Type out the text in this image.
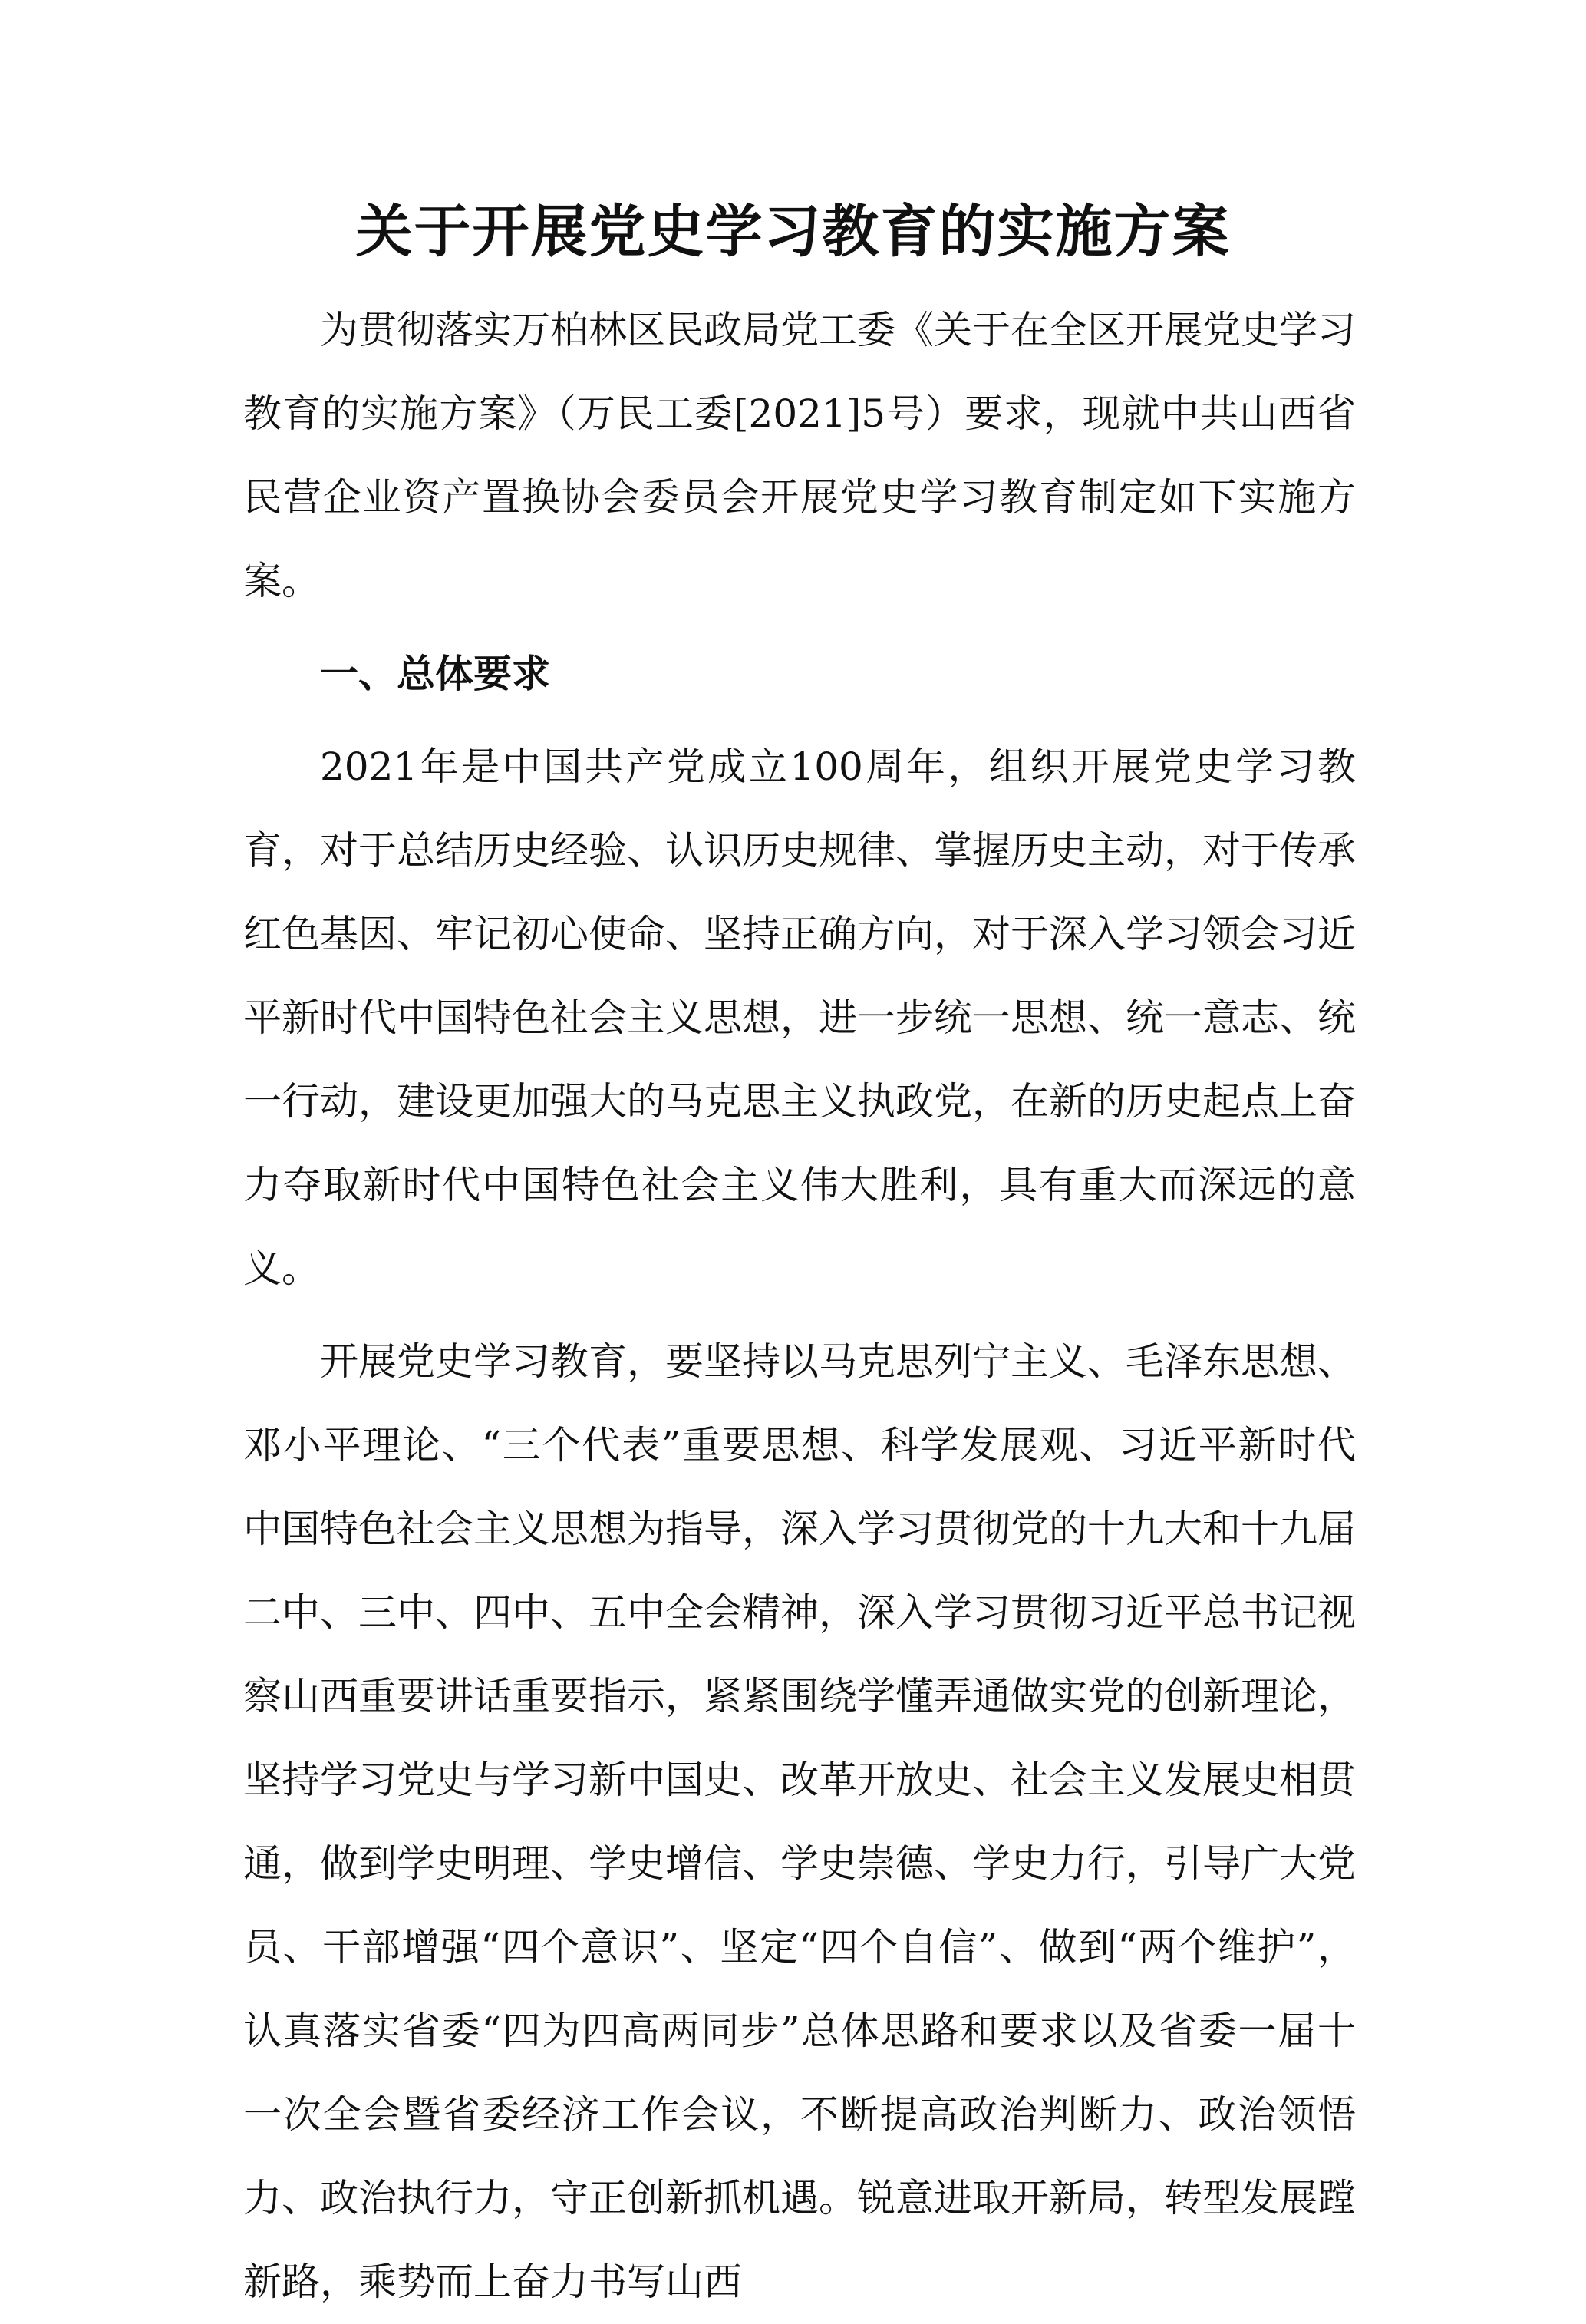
关于开展党史学习教育的实施方案

为贯彻落实万柏林区民政局党工委《关于在全区开展党史学习教育的实施方案》（万民工委[2021]5号）要求，现就中共山西省民营企业资产置换协会委员会开展党史学习教育制定如下实施方案。

一、总体要求

2021年是中国共产党成立100周年，组织开展党史学习教育，对于总结历史经验、认识历史规律、掌握历史主动，对于传承红色基因、牢记初心使命、坚持正确方向，对于深入学习领会习近平新时代中国特色社会主义思想，进一步统一思想、统一意志、统一行动，建设更加强大的马克思主义执政党，在新的历史起点上奋力夺取新时代中国特色社会主义伟大胜利，具有重大而深远的意义。

开展党史学习教育，要坚持以马克思列宁主义、毛泽东思想、邓小平理论、“三个代表”重要思想、科学发展观、习近平新时代中国特色社会主义思想为指导，深入学习贯彻党的十九大和十九届二中、三中、四中、五中全会精神，深入学习贯彻习近平总书记视察山西重要讲话重要指示，紧紧围绕学懂弄通做实党的创新理论，坚持学习党史与学习新中国史、改革开放史、社会主义发展史相贯通，做到学史明理、学史增信、学史崇德、学史力行，引导广大党员、干部增强“四个意识”、坚定“四个自信”、做到“两个维护”，认真落实省委“四为四高两同步”总体思路和要求以及省委一届十一次全会暨省委经济工作会议，不断提高政治判断力、政治领悟力、政治执行力，守正创新抓机遇。锐意进取开新局，转型发展蹚新路，乘势而上奋力书写山西
